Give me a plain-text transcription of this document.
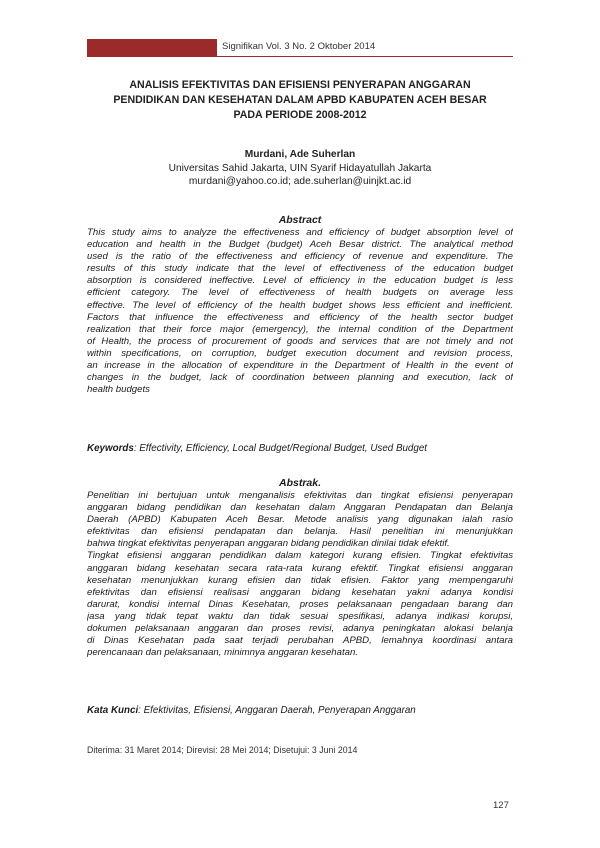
Signifikan Vol. 3 No. 2 Oktober 2014
ANALISIS EFEKTIVITAS DAN EFISIENSI PENYERAPAN ANGGARAN
PENDIDIKAN DAN KESEHATAN DALAM APBD KABUPATEN ACEH BESAR
PADA PERIODE 2008-2012
Murdani, Ade Suherlan
Universitas Sahid Jakarta, UIN Syarif Hidayatullah Jakarta
murdani@yahoo.co.id; ade.suherlan@uinjkt.ac.id
Abstract
This study aims to analyze the effectiveness and efficiency of budget absorption level of
education and health in the Budget (budget) Aceh Besar district. The analytical method
used is the ratio of the effectiveness and efficiency of revenue and expenditure. The
results of this study indicate that the level of effectiveness of the education budget
absorption is considered ineffective. Level of efficiency in the education budget is less
efficient category. The level of effectiveness of health budgets on average less
effective. The level of efficiency of the health budget shows less efficient and inefficient.
Factors that influence the effectiveness and efficiency of the health sector budget
realization that their force major (emergency), the internal condition of the Department
of Health, the process of procurement of goods and services that are not timely and not
within specifications, on corruption, budget execution document and revision process,
an increase in the allocation of expenditure in the Department of Health in the event of
changes in the budget, lack of coordination between planning and execution, lack of
health budgets
Keywords: Effectivity, Efficiency, Local Budget/Regional Budget, Used Budget
Abstrak.
Penelitian ini bertujuan untuk menganalisis efektivitas dan tingkat efisiensi penyerapan
anggaran bidang pendidikan dan kesehatan dalam Anggaran Pendapatan dan Belanja
Daerah (APBD) Kabupaten Aceh Besar. Metode analisis yang digunakan ialah rasio
efektivitas dan efisiensi pendapatan dan belanja. Hasil penelitian ini menunjukkan
bahwa tingkat efektivitas penyerapan anggaran bidang pendidikan dinilai tidak efektif.
Tingkat efisiensi anggaran pendidikan dalam kategori kurang efisien. Tingkat efektivitas
anggaran bidang kesehatan secara rata-rata kurang efektif. Tingkat efisiensi anggaran
kesehatan menunjukkan kurang efisien dan tidak efisien. Faktor yang mempengaruhi
efektivitas dan efisiensi realisasi anggaran bidang kesehatan yakni adanya kondisi
darurat, kondisi internal Dinas Kesehatan, proses pelaksanaan pengadaan barang dan
jasa yang tidak tepat waktu dan tidak sesuai spesifikasi, adanya indikasi korupsi,
dokumen pelaksanaan anggaran dan proses revisi, adanya peningkatan alokasi belanja
di Dinas Kesehatan pada saat terjadi perubahan APBD, lemahnya koordinasi antara
perencanaan dan pelaksanaan, minimnya anggaran kesehatan.
Kata Kunci: Efektivitas, Efisiensi, Anggaran Daerah, Penyerapan Anggaran
Diterima: 31 Maret 2014; Direvisi: 28 Mei 2014; Disetujui: 3 Juni 2014
127
